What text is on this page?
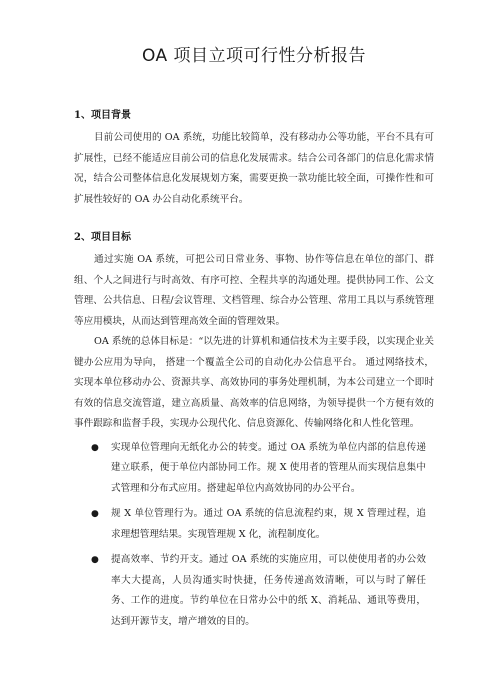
OA 项目立项可行性分析报告
1、项目背景

目前公司使用的 OA 系统，功能比较简单，没有移动办公等功能，平台不具有可扩展性，已经不能适应目前公司的信息化发展需求。结合公司各部门的信息化需求情况，结合公司整体信息化发展规划方案，需要更换一款功能比较全面，可操作性和可扩展性较好的 OA 办公自动化系统平台。

2、项目目标

通过实施 OA 系统，可把公司日常业务、事物、协作等信息在单位的部门、群组、个人之间进行与时高效、有序可控、全程共享的沟通处理。提供协同工作、公文管理、公共信息、日程/会议管理、文档管理、综合办公管理、常用工具以与系统管理等应用模块，从而达到管理高效全面的管理效果。

OA 系统的总体目标是：“以先进的计算机和通信技术为主要手段，以实现企业关键办公应用为导向， 搭建一个覆盖全公司的自动化办公信息平台。 通过网络技术，实现本单位移动办公、资源共享、高效协同的事务处理机制，为本公司建立一个即时有效的信息交流管道，建立高质量、高效率的信息网络，为领导提供一个方便有效的事件跟踪和监督手段，实现办公现代化、信息资源化、传输网络化和人性化管理。

● 实现单位管理向无纸化办公的转变。通过 OA 系统为单位内部的信息传递建立联系，便于单位内部协同工作。规 X 使用者的管理从而实现信息集中式管理和分布式应用。搭建起单位内高效协同的办公平台。
● 规 X 单位管理行为。通过 OA 系统的信息流程约束，规 X 管理过程，追求理想管理结果。实现管理规 X 化，流程制度化。
● 提高效率、节约开支。通过 OA 系统的实施应用，可以使使用者的办公效率大大提高，人员沟通实时快捷，任务传递高效清晰，可以与时了解任务、工作的进度。节约单位在日常办公中的纸 X、消耗品、通讯等费用，达到开源节支，增产增效的目的。
